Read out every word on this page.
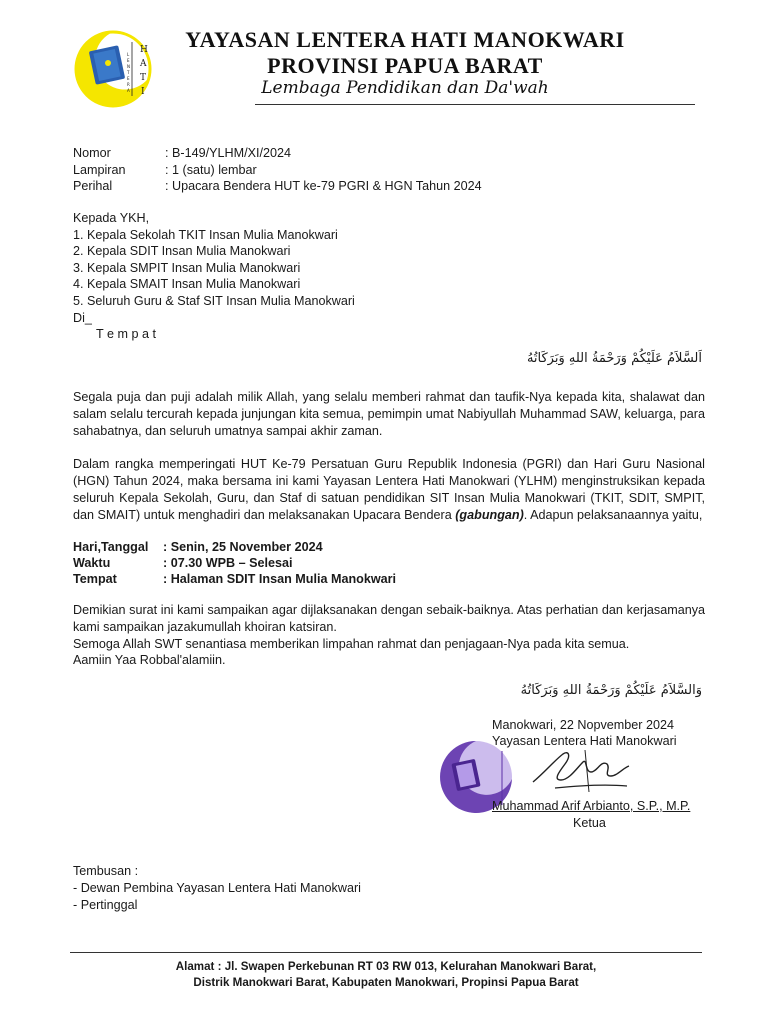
H
A
T
I
L
E
N
T
E
R
A
YAYASAN LENTERA HATI MANOKWARI
PROVINSI PAPUA BARAT
Lembaga Pendidikan dan Da'wah
Nomor	: B-149/YLHM/XI/2024
Lampiran	: 1 (satu) lembar
Perihal	: Upacara Bendera HUT ke-79 PGRI & HGN Tahun 2024
Kepada YKH,
1. Kepala Sekolah TKIT Insan Mulia Manokwari
2. Kepala SDIT Insan Mulia Manokwari
3. Kepala SMPIT Insan Mulia Manokwari
4. Kepala SMAIT Insan Mulia Manokwari
5. Seluruh Guru & Staf SIT Insan Mulia Manokwari
Di_
T e m p a t
اَلسَّلاَمُ عَلَيْكُمْ وَرَحْمَةُ اللهِ وَبَرَكَاتُهُ
Segala puja dan puji adalah milik Allah, yang selalu memberi rahmat dan taufik-Nya kepada kita, shalawat dan salam selalu tercurah kepada junjungan kita semua, pemimpin umat Nabiyullah Muhammad SAW, keluarga, para sahabatnya, dan seluruh umatnya sampai akhir zaman.
Dalam rangka memperingati HUT Ke-79 Persatuan Guru Republik Indonesia (PGRI) dan Hari Guru Nasional (HGN) Tahun 2024, maka bersama ini kami Yayasan Lentera Hati Manokwari (YLHM) menginstruksikan kepada seluruh Kepala Sekolah, Guru, dan Staf di satuan pendidikan SIT Insan Mulia Manokwari (TKIT, SDIT, SMPIT, dan SMAIT) untuk menghadiri dan melaksanakan Upacara Bendera (gabungan). Adapun pelaksanaannya yaitu,
Hari,Tanggal : Senin, 25 November 2024
Waktu	: 07.30 WPB – Selesai
Tempat	: Halaman SDIT Insan Mulia Manokwari
Demikian surat ini kami sampaikan agar dijlaksanakan dengan sebaik-baiknya. Atas perhatian dan kerjasamanya kami sampaikan jazakumullah khoiran katsiran.
Semoga Allah SWT senantiasa memberikan limpahan rahmat dan penjagaan-Nya pada kita semua.
Aamiin Yaa Robbal'alamiin.
وَالسَّلاَمُ عَلَيْكُمْ وَرَحْمَةُ اللهِ وَبَرَكَاتُهُ
Manokwari, 22 Nopvember 2024
Yayasan Lentera Hati Manokwari
Muhammad Arif Arbianto, S.P., M.P.
Ketua
Tembusan :
- Dewan Pembina Yayasan Lentera Hati Manokwari
- Pertinggal
Alamat : Jl. Swapen Perkebunan RT 03 RW 013, Kelurahan Manokwari Barat,
Distrik Manokwari Barat, Kabupaten Manokwari, Propinsi Papua Barat
